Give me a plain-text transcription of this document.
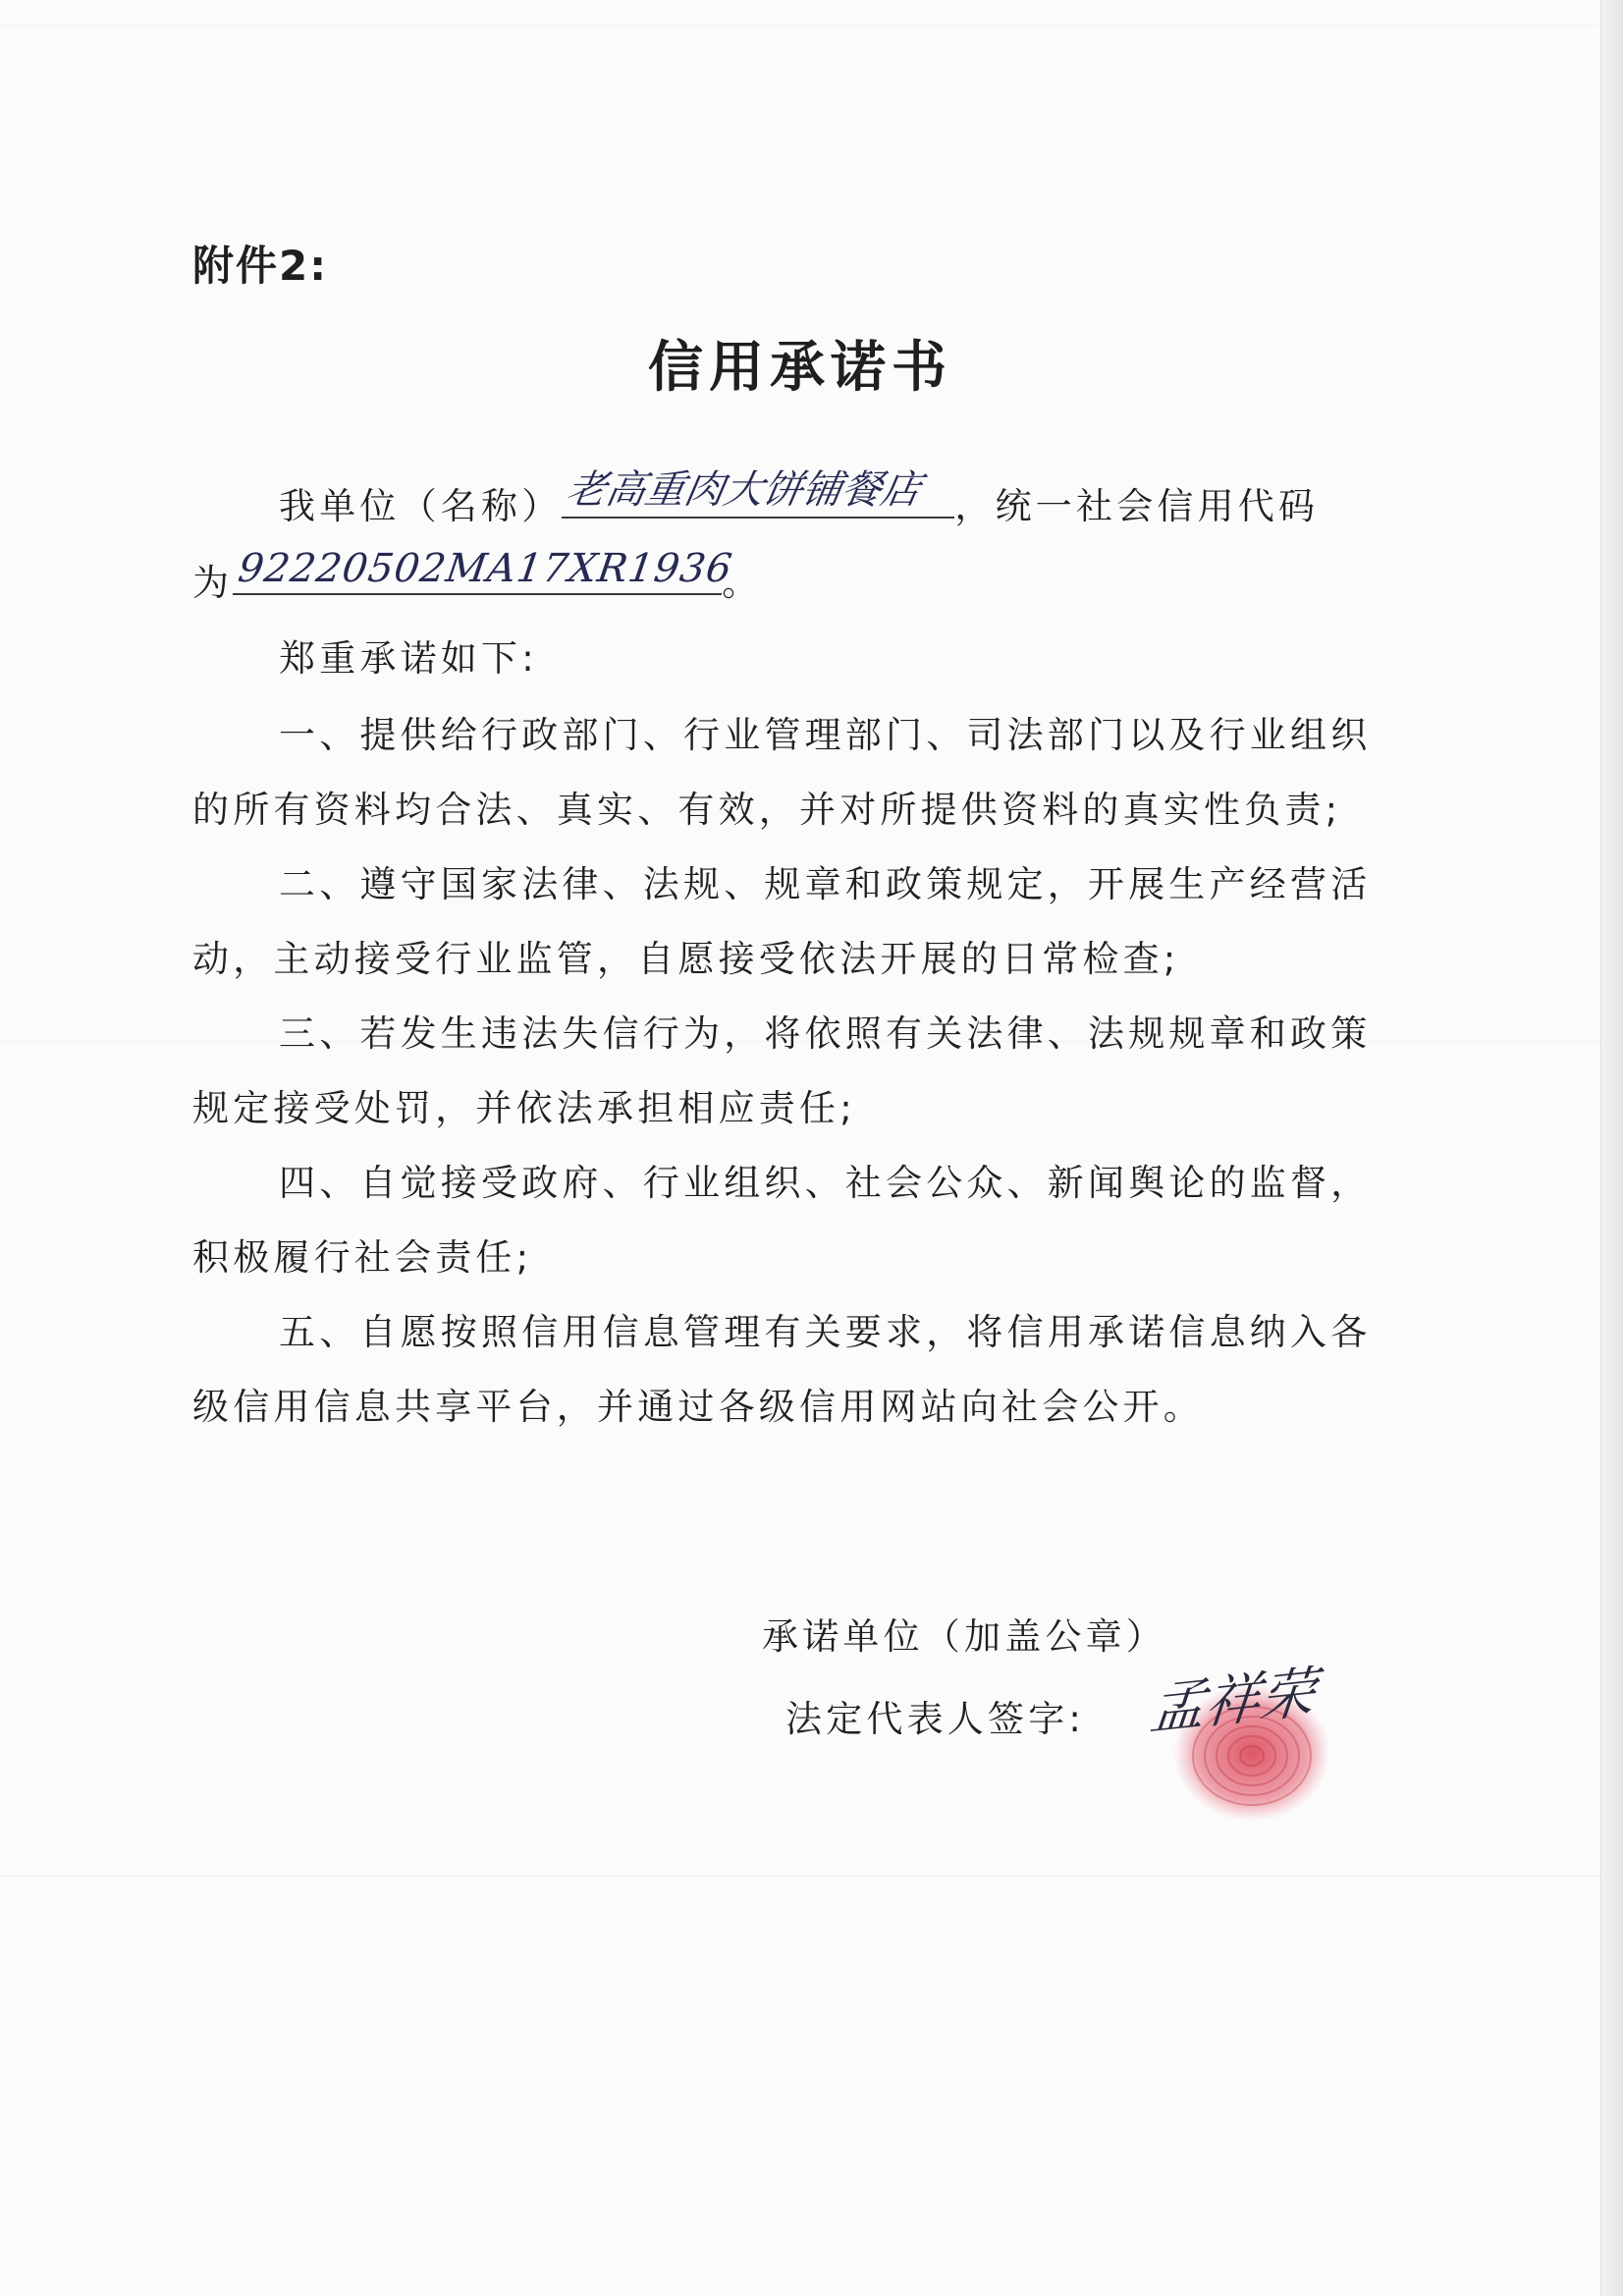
附件2:
信用承诺书
我单位（名称） 老高重肉大饼铺餐店 ，统一社会信用代码
为 92220502MA17XR1936
。
郑重承诺如下:
一、提供给行政部门、行业管理部门、司法部门以及行业组织
的所有资料均合法、真实、有效，并对所提供资料的真实性负责;
二、遵守国家法律、法规、规章和政策规定，开展生产经营活
动，主动接受行业监管，自愿接受依法开展的日常检查;
三、若发生违法失信行为，将依照有关法律、法规规章和政策
规定接受处罚，并依法承担相应责任;
四、自觉接受政府、行业组织、社会公众、新闻舆论的监督，
积极履行社会责任;
五、自愿按照信用信息管理有关要求，将信用承诺信息纳入各
级信用信息共享平台，并通过各级信用网站向社会公开。
承诺单位（加盖公章）
法定代表人签字: 孟祥荣
